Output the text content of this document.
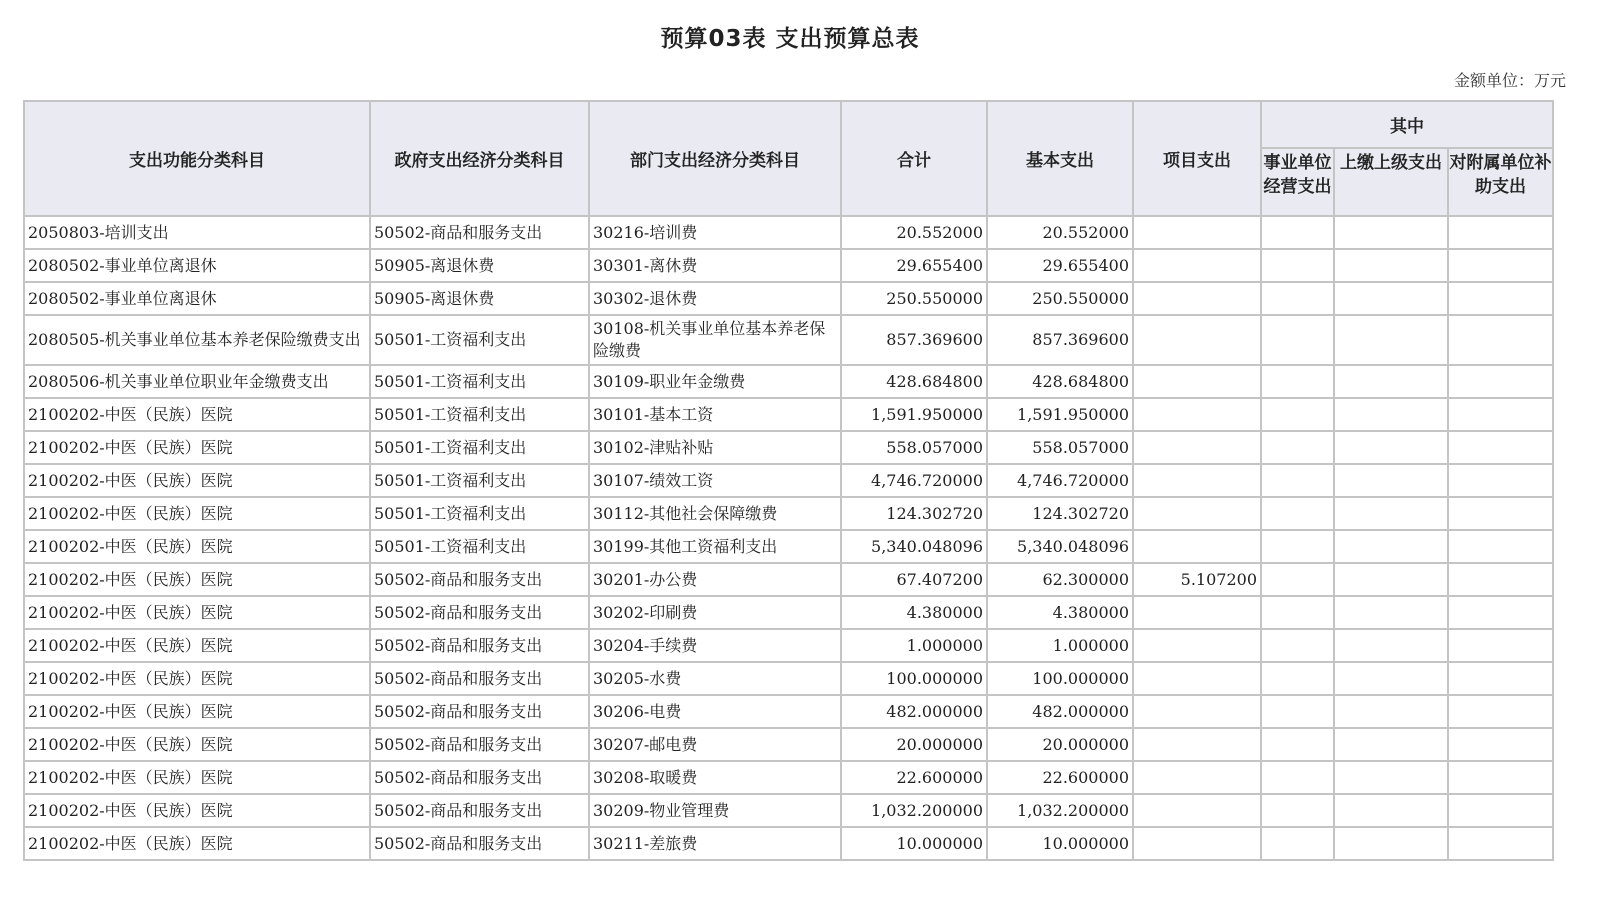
预算03表 支出预算总表
金额单位：万元
支出功能分类科目	政府支出经济分类科目	部门支出经济分类科目	合计	基本支出	项目支出	其中		

						事业单位经营支出	上缴上级支出	对附属单位补助支出

2050803-培训支出	50502-商品和服务支出	30216-培训费	20.552000	20.552000				
2080502-事业单位离退休	50905-离退休费	30301-离休费	29.655400	29.655400				
2080502-事业单位离退休	50905-离退休费	30302-退休费	250.550000	250.550000				
2080505-机关事业单位基本养老保险缴费支出	50501-工资福利支出	30108-机关事业单位基本养老保险缴费	857.369600	857.369600				
2080506-机关事业单位职业年金缴费支出	50501-工资福利支出	30109-职业年金缴费	428.684800	428.684800				
2100202-中医（民族）医院	50501-工资福利支出	30101-基本工资	1,591.950000	1,591.950000				
2100202-中医（民族）医院	50501-工资福利支出	30102-津贴补贴	558.057000	558.057000				
2100202-中医（民族）医院	50501-工资福利支出	30107-绩效工资	4,746.720000	4,746.720000				
2100202-中医（民族）医院	50501-工资福利支出	30112-其他社会保障缴费	124.302720	124.302720				
2100202-中医（民族）医院	50501-工资福利支出	30199-其他工资福利支出	5,340.048096	5,340.048096				
2100202-中医（民族）医院	50502-商品和服务支出	30201-办公费	67.407200	62.300000	5.107200			
2100202-中医（民族）医院	50502-商品和服务支出	30202-印刷费	4.380000	4.380000				
2100202-中医（民族）医院	50502-商品和服务支出	30204-手续费	1.000000	1.000000				
2100202-中医（民族）医院	50502-商品和服务支出	30205-水费	100.000000	100.000000				
2100202-中医（民族）医院	50502-商品和服务支出	30206-电费	482.000000	482.000000				
2100202-中医（民族）医院	50502-商品和服务支出	30207-邮电费	20.000000	20.000000				
2100202-中医（民族）医院	50502-商品和服务支出	30208-取暖费	22.600000	22.600000				
2100202-中医（民族）医院	50502-商品和服务支出	30209-物业管理费	1,032.200000	1,032.200000				
2100202-中医（民族）医院	50502-商品和服务支出	30211-差旅费	10.000000	10.000000				
